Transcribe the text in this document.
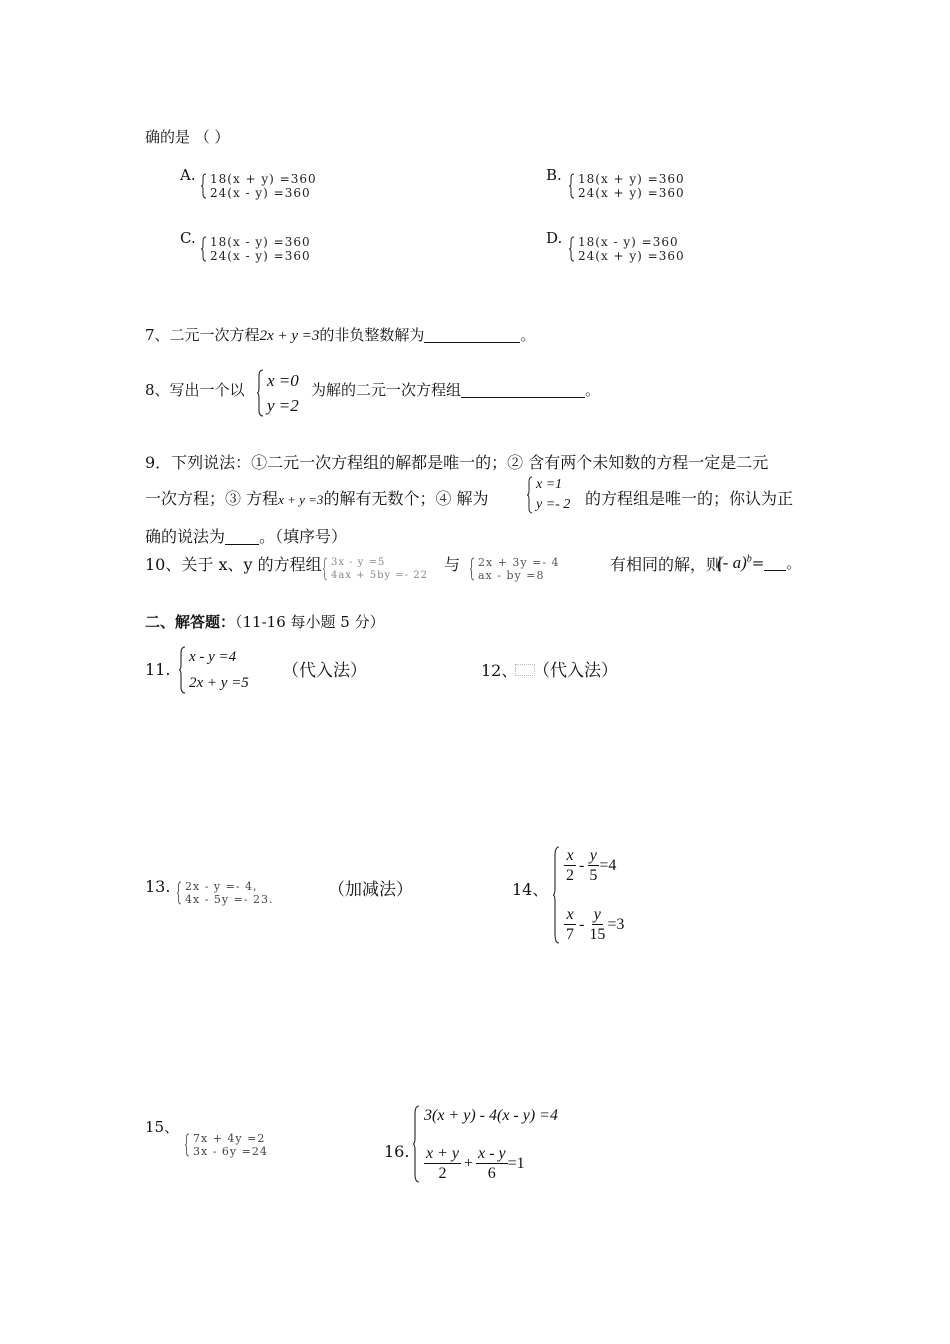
确的是 （ ）
A. 18(x + y) =360
24(x - y) =360
B. 18(x + y) =360
24(x + y) =360
C. 18(x - y) =360
24(x - y) =360
D. 18(x - y) =360
24(x + y) =360
7、二元一次方程2x + y =3的非负整数解为	。
8、写出一个以 x =0
y =2
为解的二元一次方程组	。
9．下列说法：①二元一次方程组的解都是唯一的；② 含有两个未知数的方程一定是二元
一次方程；③ 方程x + y =3的解有无数个；④ 解为
x =1
y =- 2 的方程组是唯一的；你认为正
确的说法为 。（填序号）
10、关于 x、y 的方程组 3x - y =5
4ax + 5by =- 22
与 2x + 3y =- 4
ax - by =8
有相同的解，则
(- a)$^b$= 。
二、解答题：（11-16 每小题 5 分）
11.
x - y =4
2x + y =5
（代入法）	12、 （代入法）
13. 2x - y =- 4,
4x - 5y =- 23.	（加减法）	14、
$\frac{x}{2} - \frac{y}{5} =4$
$\frac{x}{7} - \frac{y}{15} =3$
15、
7x + 4y =2
3x - 6y =24	16.
3(x + y) - 4(x - y) =4
$\frac{x + y}{2} + \frac{x - y}{6} =1$
